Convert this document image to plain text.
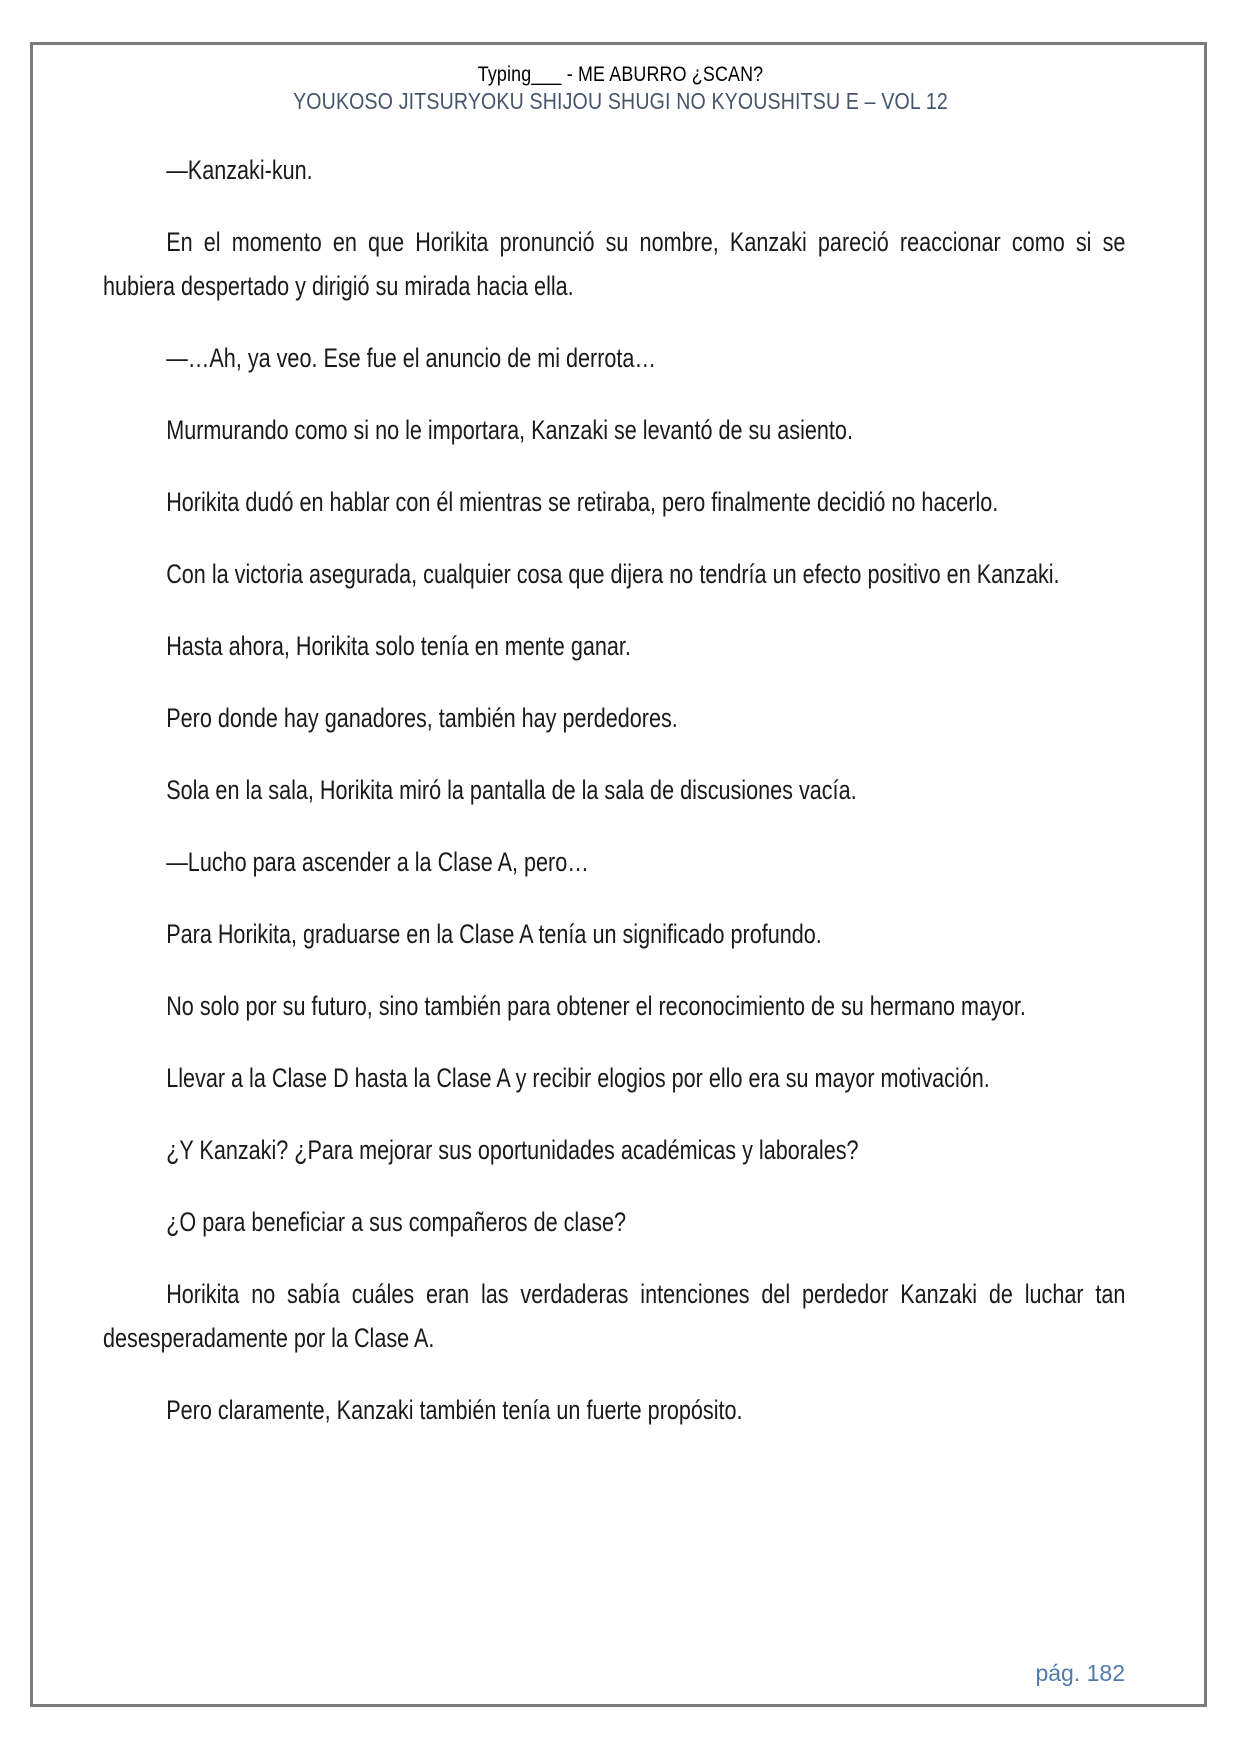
Typing___ - ME ABURRO ¿SCAN?
YOUKOSO JITSURYOKU SHIJOU SHUGI NO KYOUSHITSU E – VOL 12

—Kanzaki-kun.

En el momento en que Horikita pronunció su nombre, Kanzaki pareció reaccionar como si se hubiera despertado y dirigió su mirada hacia ella.

—…Ah, ya veo. Ese fue el anuncio de mi derrota…

Murmurando como si no le importara, Kanzaki se levantó de su asiento.

Horikita dudó en hablar con él mientras se retiraba, pero finalmente decidió no hacerlo.

Con la victoria asegurada, cualquier cosa que dijera no tendría un efecto positivo en Kanzaki.

Hasta ahora, Horikita solo tenía en mente ganar.

Pero donde hay ganadores, también hay perdedores.

Sola en la sala, Horikita miró la pantalla de la sala de discusiones vacía.

—Lucho para ascender a la Clase A, pero…

Para Horikita, graduarse en la Clase A tenía un significado profundo.

No solo por su futuro, sino también para obtener el reconocimiento de su hermano mayor.

Llevar a la Clase D hasta la Clase A y recibir elogios por ello era su mayor motivación.

¿Y Kanzaki? ¿Para mejorar sus oportunidades académicas y laborales?

¿O para beneficiar a sus compañeros de clase?

Horikita no sabía cuáles eran las verdaderas intenciones del perdedor Kanzaki de luchar tan desesperadamente por la Clase A.

Pero claramente, Kanzaki también tenía un fuerte propósito.

pág. 182
